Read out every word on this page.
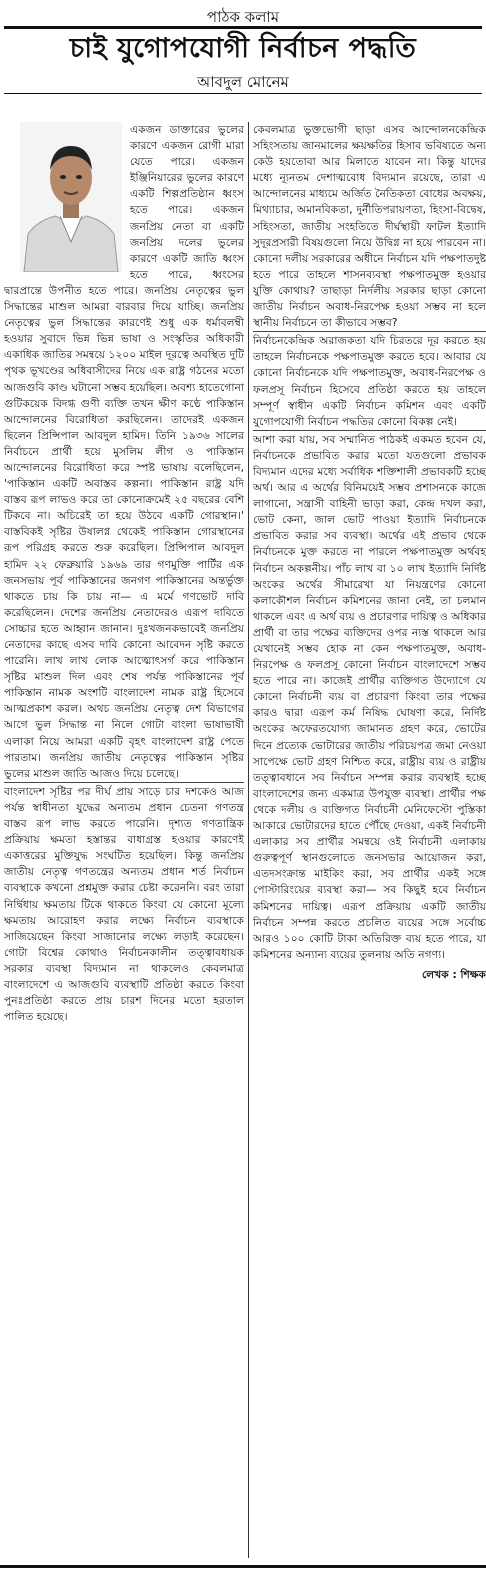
পাঠক কলাম
চাই যুগোপযোগী নির্বাচন পদ্ধতি
আবদুল মোনেম

একজন ডাক্তারের ভুলের কারণে একজন রোগী মারা যেতে পারে। একজন ইঞ্জিনিয়ারের ভুলের কারণে একটি শিল্পপ্রতিষ্ঠান ধ্বংস হতে পারে। একজন জনপ্রিয় নেতা বা একটি জনপ্রিয় দলের ভুলের কারণে একটি জাতি ধ্বংস হতে পারে, ধ্বংসের দ্বারপ্রান্তে উপনীত হতে পারে। জনপ্রিয় নেতৃত্বের ভুল সিদ্ধান্তের মাশুল আমরা বারবার দিয়ে যাচ্ছি। জনপ্রিয় নেতৃত্বের ভুল সিদ্ধান্তের কারণেই শুধু এক ধর্মাবলম্বী হওয়ার সুবাদে ভিন্ন ভিন্ন ভাষা ও সংস্কৃতির অধিকারী একাধিক জাতির সমন্বয়ে ১২০০ মাইল দূরত্বে অবস্থিত দুটি পৃথক ভূখণ্ডের অধিবাসীদের নিয়ে এক রাষ্ট্র গঠনের মতো আজগুবি কাণ্ড ঘটানো সম্ভব হয়েছিল। অবশ্য হাতেগোনা গুটিকয়েক বিদগ্ধ গুণী ব্যক্তি তখন ক্ষীণ কণ্ঠে পাকিস্তান আন্দোলনের বিরোধিতা করছিলেন। তাদেরই একজন ছিলেন প্রিন্সিপাল আবদুল হামিদ। তিনি ১৯৩৬ সালের নির্বাচনে প্রার্থী হয়ে মুসলিম লীগ ও পাকিস্তান আন্দোলনের বিরোধিতা করে স্পষ্ট ভাষায় বলেছিলেন, 'পাকিস্তান একটি অবাস্তব কল্পনা। পাকিস্তান রাষ্ট্র যদি বাস্তব রূপ লাভও করে তা কোনোক্রমেই ২৫ বছরের বেশি টিকবে না। অচিরেই তা হয়ে উঠবে একটি গোরস্থান।' বাস্তবিকই সৃষ্টির উষালগ্ন থেকেই পাকিস্তান গোরস্থানের রূপ পরিগ্রহ করতে শুরু করেছিল। প্রিন্সিপাল আবদুল হামিদ ২২ ফেব্রুয়ারি ১৯৬৯ তার গণমুক্তি পার্টির এক জনসভায় পূর্ব পাকিস্তানের জনগণ পাকিস্তানের অন্তর্ভুক্ত থাকতে চায় কি চায় না— এ মর্মে গণভোট দাবি করেছিলেন। দেশের জনপ্রিয় নেতাদেরও এরূপ দাবিতে সোচ্চার হতে আহ্বান জানান। দুঃখজনকভাবেই জনপ্রিয় নেতাদের কাছে এসব দাবি কোনো আবেদন সৃষ্টি করতে পারেনি। লাখ লাখ লোক আত্মোৎসর্গ করে পাকিস্তান সৃষ্টির মাশুল দিল এবং শেষ পর্যন্ত পাকিস্তানের পূর্ব পাকিস্তান নামক অংশটি বাংলাদেশ নামক রাষ্ট্র হিসেবে আত্মপ্রকাশ করল। অথচ জনপ্রিয় নেতৃত্ব দেশ বিভাগের আগে ভুল সিদ্ধান্ত না নিলে গোটা বাংলা ভাষাভাষী এলাকা নিয়ে আমরা একটি বৃহৎ বাংলাদেশ রাষ্ট্র পেতে পারতাম। জনপ্রিয় জাতীয় নেতৃত্বের পাকিস্তান সৃষ্টির ভুলের মাশুল জাতি আজও দিয়ে চলেছে।

বাংলাদেশ সৃষ্টির পর দীর্ঘ প্রায় সাড়ে চার দশকেও আজ পর্যন্ত স্বাধীনতা যুদ্ধের অন্যতম প্রধান চেতনা গণতন্ত্র বাস্তব রূপ লাভ করতে পারেনি। দৃশ্যত গণতান্ত্রিক প্রক্রিয়ায় ক্ষমতা হস্তান্তর বাধাগ্রস্ত হওয়ার কারণেই একাত্তরের মুক্তিযুদ্ধ সংঘটিত হয়েছিল। কিন্তু জনপ্রিয় জাতীয় নেতৃত্ব গণতন্ত্রের অন্যতম প্রধান শর্ত নির্বাচন ব্যবস্থাকে কখনো প্রশ্নমুক্ত করার চেষ্টা করেননি। বরং তারা নির্দ্বিধায় ক্ষমতায় টিকে থাকতে কিংবা যে কোনো মূল্যে ক্ষমতায় আরোহণ করার লক্ষ্যে নির্বাচন ব্যবস্থাকে সাজিয়েছেন কিংবা সাজানোর লক্ষ্যে লড়াই করেছেন। গোটা বিশ্বের কোথাও নির্বাচনকালীন তত্ত্বাবধায়ক সরকার ব্যবস্থা বিদ্যমান না থাকলেও কেবলমাত্র বাংলাদেশে এ আজগুবি ব্যবস্থাটি প্রতিষ্ঠা করতে কিংবা পুনঃপ্রতিষ্ঠা করতে প্রায় চারশ দিনের মতো হরতাল পালিত হয়েছে।

কেবলমাত্র ভুক্তভোগী ছাড়া এসব আন্দোলনকেন্দ্রিক সহিংসতায় জানমালের ক্ষয়ক্ষতির হিসাব ভবিষ্যতে অন্য কেউ হয়তোবা আর মিলাতে যাবেন না। কিন্তু যাদের মধ্যে ন্যূনতম দেশাত্মবোধ বিদ্যমান রয়েছে, তারা এ আন্দোলনের মাধ্যমে অর্জিত নৈতিকতা বোধের অবক্ষয়, মিথ্যাচার, অমানবিকতা, দুর্নীতিপরায়ণতা, হিংসা-বিদ্বেষ, সহিংসতা, জাতীয় সংহতিতে দীর্ঘস্থায়ী ফাটল ইত্যাদি সুদূরপ্রসারী বিষয়গুলো নিয়ে উদ্বিগ্ন না হয়ে পারবেন না। কোনো দলীয় সরকারের অধীনে নির্বাচন যদি পক্ষপাতদুষ্ট হতে পারে তাহলে শাসনব্যবস্থা পক্ষপাতমুক্ত হওয়ার যুক্তি কোথায়? তাছাড়া নির্দলীয় সরকার ছাড়া কোনো জাতীয় নির্বাচন অবাধ-নিরপেক্ষ হওয়া সম্ভব না হলে স্থানীয় নির্বাচনে তা কীভাবে সম্ভব?

নির্বাচনকেন্দ্রিক অরাজকতা যদি চিরতরে দূর করতে হয় তাহলে নির্বাচনকে পক্ষপাতমুক্ত করতে হবে। আবার যে কোনো নির্বাচনকে যদি পক্ষপাতমুক্ত, অবাধ-নিরপেক্ষ ও ফলপ্রসূ নির্বাচন হিসেবে প্রতিষ্ঠা করতে হয় তাহলে সম্পূর্ণ স্বাধীন একটি নির্বাচন কমিশন এবং একটি যুগোপযোগী নির্বাচন পদ্ধতির কোনো বিকল্প নেই।

আশা করা যায়, সব সম্মানিত পাঠকই একমত হবেন যে, নির্বাচনকে প্রভাবিত করার মতো যতগুলো প্রভাবক বিদ্যমান এদের মধ্যে সর্বাধিক শক্তিশালী প্রভাবকটি হচ্ছে অর্থ। আর এ অর্থের বিনিময়েই সম্ভব প্রশাসনকে কাজে লাগানো, সন্ত্রাসী বাহিনী ভাড়া করা, কেন্দ্র দখল করা, ভোট কেনা, জাল ভোট পাওয়া ইত্যাদি নির্বাচনকে প্রভাবিত করার সব ব্যবস্থা। অর্থের এই প্রভাব থেকে নির্বাচনকে মুক্ত করতে না পারলে পক্ষপাতমুক্ত অর্থবহ নির্বাচন অকল্পনীয়। পাঁচ লাখ বা ১০ লাখ ইত্যাদি নির্দিষ্ট অংকের অর্থের সীমারেখা যা নিয়ন্ত্রণের কোনো কলাকৌশল নির্বাচন কমিশনের জানা নেই, তা চলমান থাকলে এবং এ অর্থ ব্যয় ও প্রচারণার দায়িত্ব ও অধিকার প্রার্থী বা তার পক্ষের ব্যক্তিদের ওপর ন্যস্ত থাকলে আর যেখানেই সম্ভব হোক না কেন পক্ষপাতমুক্ত, অবাধ-নিরপেক্ষ ও ফলপ্রসূ কোনো নির্বাচন বাংলাদেশে সম্ভব হতে পারে না। কাজেই প্রার্থীর ব্যক্তিগত উদ্যোগে যে কোনো নির্বাচনী ব্যয় বা প্রচারণা কিংবা তার পক্ষের কারও দ্বারা এরূপ কর্ম নিষিদ্ধ ঘোষণা করে, নির্দিষ্ট অংকের অফেরতযোগ্য জামানত গ্রহণ করে, ভোটের দিনে প্রত্যেক ভোটারের জাতীয় পরিচয়পত্র জমা নেওয়া সাপেক্ষে ভোট গ্রহণ নিশ্চিত করে, রাষ্ট্রীয় ব্যয় ও রাষ্ট্রীয় তত্ত্বাবধানে সব নির্বাচন সম্পন্ন করার ব্যবস্থাই হচ্ছে বাংলাদেশের জন্য একমাত্র উপযুক্ত ব্যবস্থা। প্রার্থীর পক্ষ থেকে দলীয় ও ব্যক্তিগত নির্বাচনী মেনিফেস্টো পুস্তিকা আকারে ভোটারদের হাতে পৌঁছে দেওয়া, একই নির্বাচনী এলাকার সব প্রার্থীর সমন্বয়ে ওই নির্বাচনী এলাকায় গুরুত্বপূর্ণ স্থানগুলোতে জনসভার আয়োজন করা, এতদসংক্রান্ত মাইকিং করা, সব প্রার্থীর একই সঙ্গে পোস্টারিংয়ের ব্যবস্থা করা— সব কিছুই হবে নির্বাচন কমিশনের দায়িত্ব। এরূপ প্রক্রিয়ায় একটি জাতীয় নির্বাচন সম্পন্ন করতে প্রচলিত ব্যয়ের সঙ্গে সর্বোচ্চ আরও ১০০ কোটি টাকা অতিরিক্ত ব্যয় হতে পারে, যা কমিশনের অন্যান্য ব্যয়ের তুলনায় অতি নগণ্য।

লেখক : শিক্ষক
